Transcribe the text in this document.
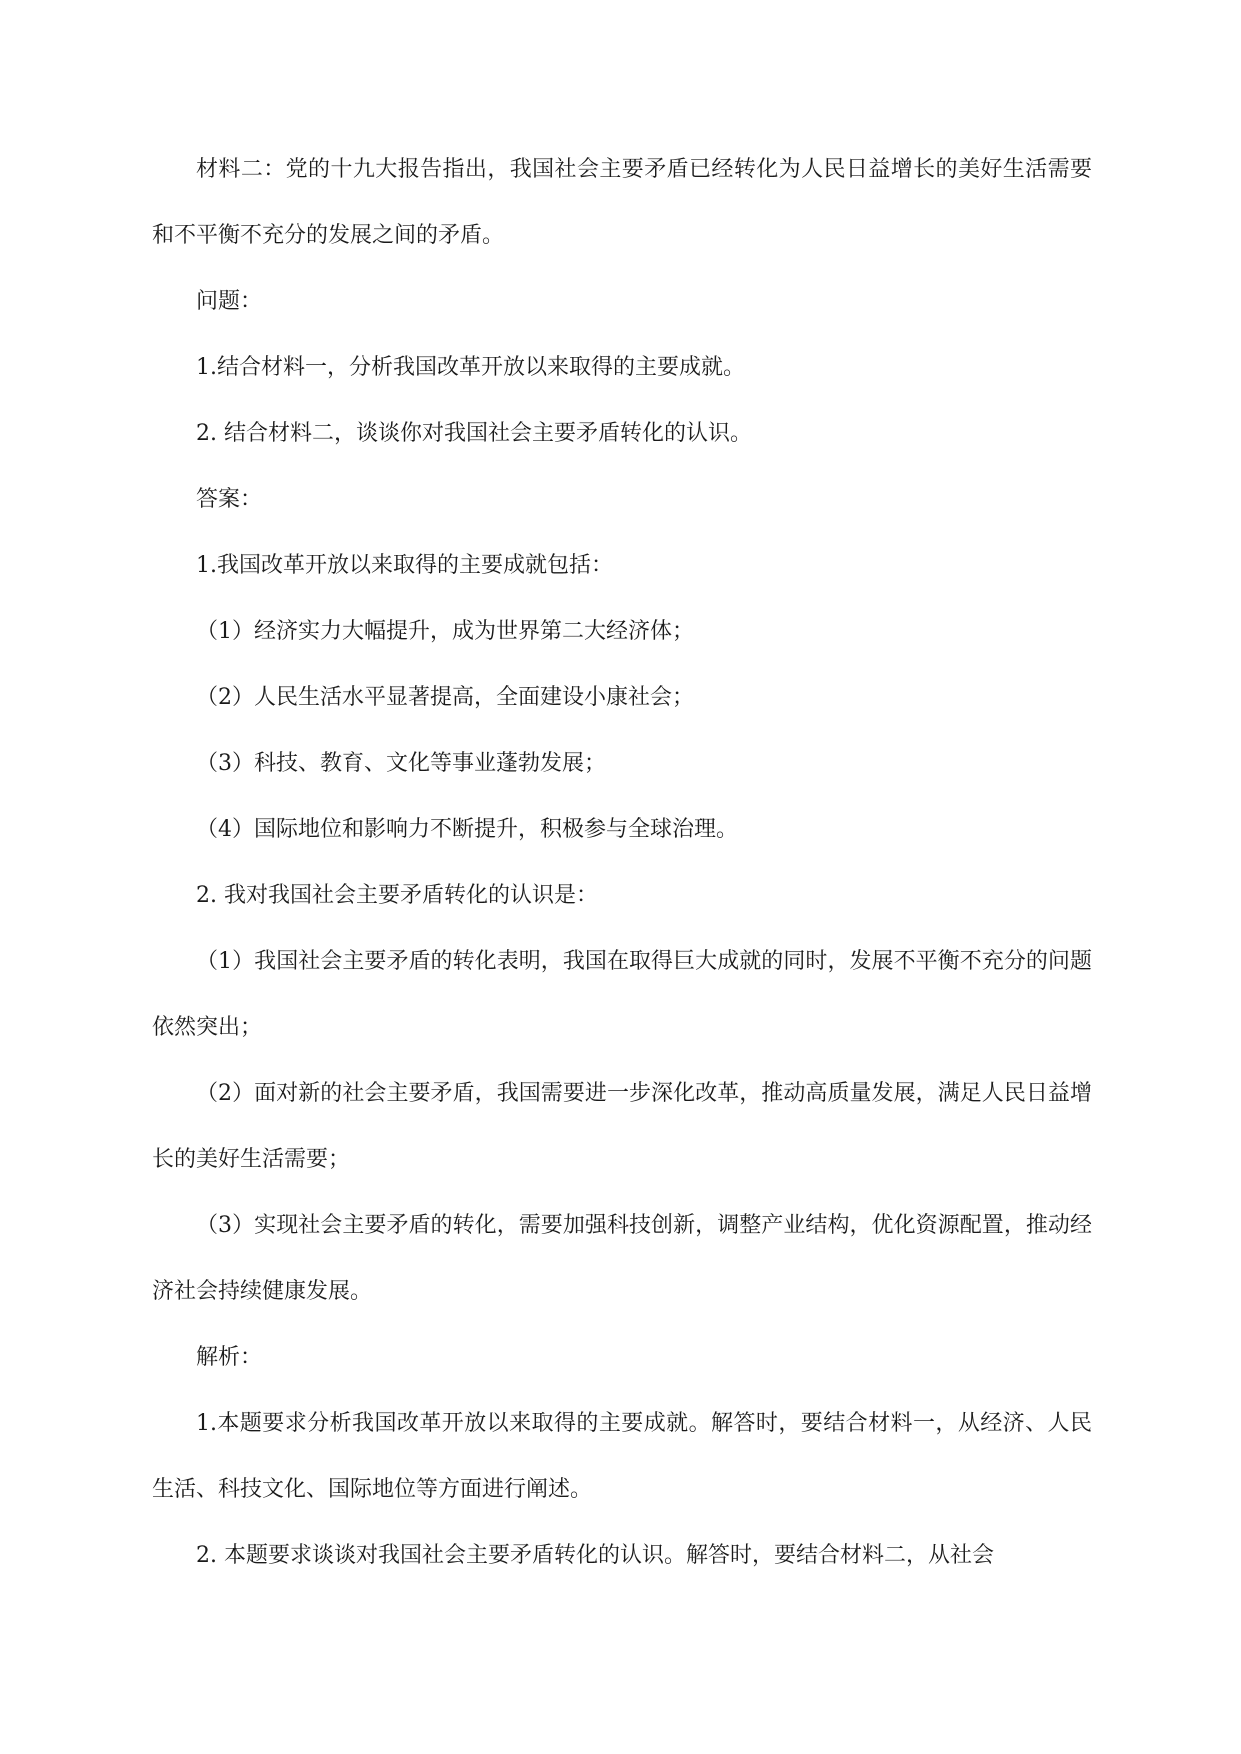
材料二：党的十九大报告指出，我国社会主要矛盾已经转化为人民日益增长的美好生活需要和不平衡不充分的发展之间的矛盾。

问题：

1.结合材料一，分析我国改革开放以来取得的主要成就。

2. 结合材料二，谈谈你对我国社会主要矛盾转化的认识。

答案：

1.我国改革开放以来取得的主要成就包括：

（1）经济实力大幅提升，成为世界第二大经济体；

（2）人民生活水平显著提高，全面建设小康社会；

（3）科技、教育、文化等事业蓬勃发展；

（4）国际地位和影响力不断提升，积极参与全球治理。

2. 我对我国社会主要矛盾转化的认识是：

（1）我国社会主要矛盾的转化表明，我国在取得巨大成就的同时，发展不平衡不充分的问题依然突出；

（2）面对新的社会主要矛盾，我国需要进一步深化改革，推动高质量发展，满足人民日益增长的美好生活需要；

（3）实现社会主要矛盾的转化，需要加强科技创新，调整产业结构，优化资源配置，推动经济社会持续健康发展。

解析：

1.本题要求分析我国改革开放以来取得的主要成就。解答时，要结合材料一，从经济、人民生活、科技文化、国际地位等方面进行阐述。

2. 本题要求谈谈对我国社会主要矛盾转化的认识。解答时，要结合材料二，从社会
